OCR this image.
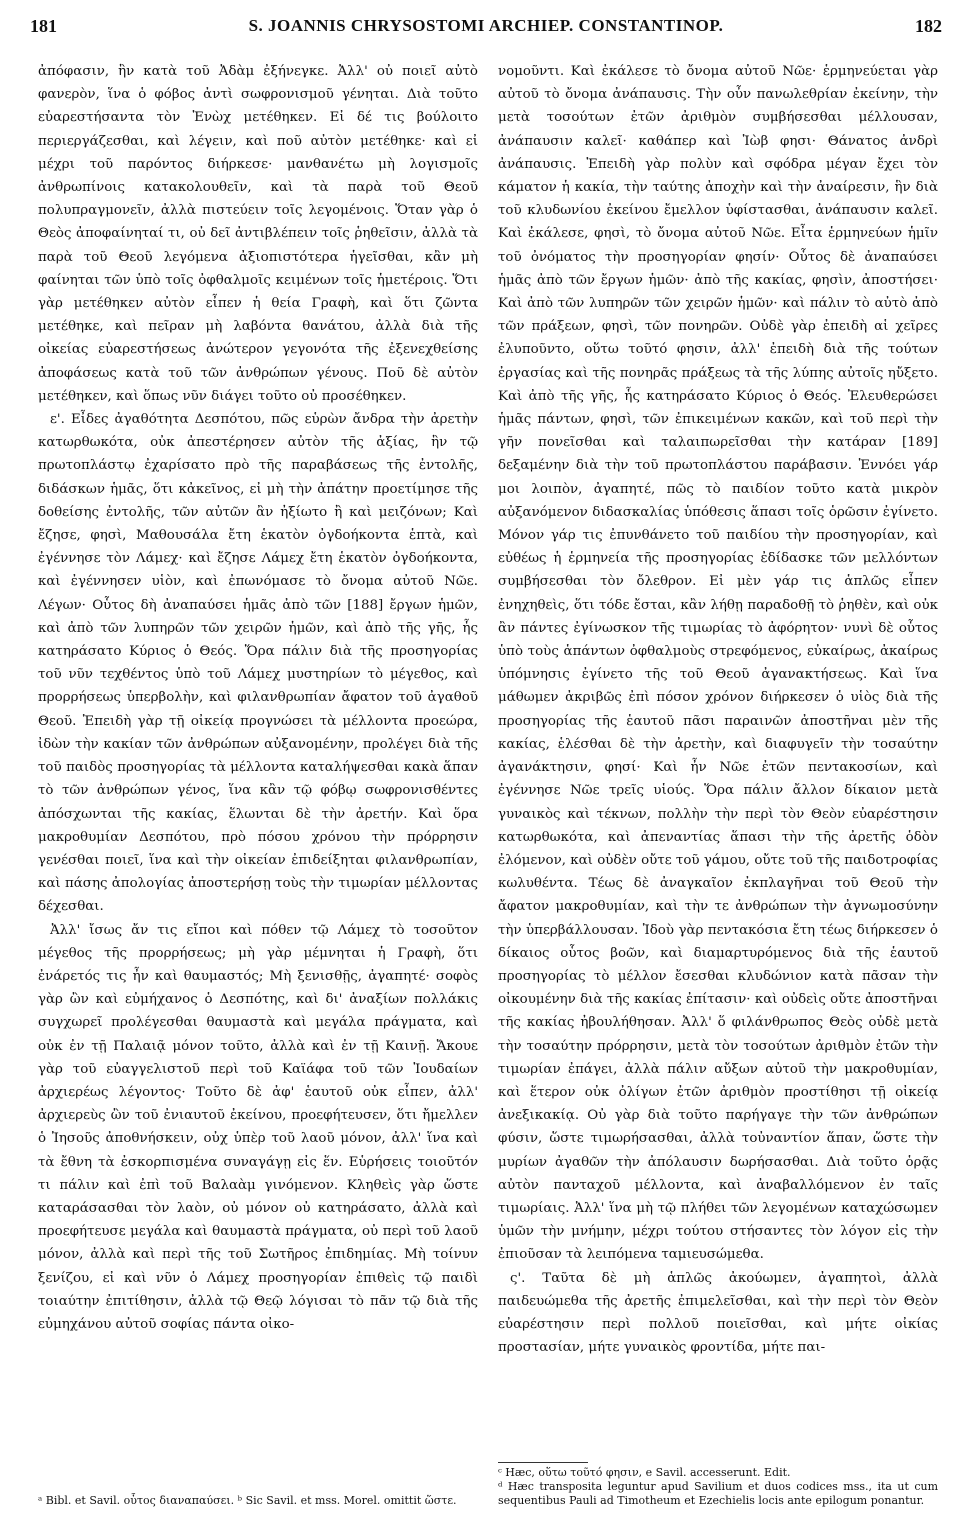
181	S. JOANNIS CHRYSOSTOMI ARCHIEP. CONSTANTINOP.	182

ἀπόφασιν, ἣν κατὰ τοῦ Ἀδὰμ ἐξήνεγκε. Ἀλλ' οὐ ποιεῖ αὐτὸ φανερὸν, ἵνα ὁ φόβος ἀντὶ σωφρονισμοῦ γένηται. Διὰ τοῦτο εὐαρεστήσαντα τὸν Ἐνὼχ μετέθηκεν. Εἰ δέ τις βούλοιτο περιεργάζεσθαι, καὶ λέγειν, καὶ ποῦ αὐτὸν μετέθηκε· καὶ εἰ μέχρι τοῦ παρόντος διήρκεσε· μανθανέτω μὴ λογισμοῖς ἀνθρωπίνοις κατακολουθεῖν, καὶ τὰ παρὰ τοῦ Θεοῦ πολυπραγμονεῖν, ἀλλὰ πιστεύειν τοῖς λεγομένοις. Ὅταν γὰρ ὁ Θεὸς ἀποφαίνηταί τι, οὐ δεῖ ἀντιβλέπειν τοῖς ῥηθεῖσιν, ἀλλὰ τὰ παρὰ τοῦ Θεοῦ λεγόμενα ἀξιοπιστότερα ἡγεῖσθαι, κἂν μὴ φαίνηται τῶν ὑπὸ τοῖς ὀφθαλμοῖς κειμένων τοῖς ἡμετέροις. Ὅτι γὰρ μετέθηκεν αὐτὸν εἶπεν ἡ θεία Γραφὴ, καὶ ὅτι ζῶντα μετέθηκε, καὶ πεῖραν μὴ λαβόντα θανάτου, ἀλλὰ διὰ τῆς οἰκείας εὐαρεστήσεως ἀνώτερον γεγονότα τῆς ἐξενεχθείσης ἀποφάσεως κατὰ τοῦ τῶν ἀνθρώπων γένους. Ποῦ δὲ αὐτὸν μετέθηκεν, καὶ ὅπως νῦν διάγει τοῦτο οὐ προσέθηκεν.

ε'. Εἶδες ἀγαθότητα Δεσπότου, πῶς εὑρὼν ἄνδρα τὴν ἀρετὴν κατωρθωκότα, οὐκ ἀπεστέρησεν αὐτὸν τῆς ἀξίας, ἣν τῷ πρωτοπλάστῳ ἐχαρίσατο πρὸ τῆς παραβάσεως τῆς ἐντολῆς, διδάσκων ἡμᾶς, ὅτι κἀκεῖνος, εἰ μὴ τὴν ἀπάτην προετίμησε τῆς δοθείσης ἐντολῆς, τῶν αὐτῶν ἂν ἠξίωτο ἢ καὶ μειζόνων; Καὶ ἔζησε, φησὶ, Μαθουσάλα ἔτη ἑκατὸν ὀγδοήκοντα ἑπτὰ, καὶ ἐγέννησε τὸν Λάμεχ· καὶ ἔζησε Λάμεχ ἔτη ἑκατὸν ὀγδοήκοντα, καὶ ἐγέννησεν υἱὸν, καὶ ἐπωνόμασε τὸ ὄνομα αὐτοῦ Νῶε. Λέγων· Οὗτος δὴ ἀναπαύσει ἡμᾶς ἀπὸ τῶν [188] ἔργων ἡμῶν, καὶ ἀπὸ τῶν λυπηρῶν τῶν χειρῶν ἡμῶν, καὶ ἀπὸ τῆς γῆς, ἧς κατηράσατο Κύριος ὁ Θεός. Ὅρα πάλιν διὰ τῆς προσηγορίας τοῦ νῦν τεχθέντος ὑπὸ τοῦ Λάμεχ μυστηρίων τὸ μέγεθος, καὶ προρρήσεως ὑπερβολὴν, καὶ φιλανθρωπίαν ἄφατον τοῦ ἀγαθοῦ Θεοῦ. Ἐπειδὴ γὰρ τῇ οἰκείᾳ προγνώσει τὰ μέλλοντα προεώρα, ἰδὼν τὴν κακίαν τῶν ἀνθρώπων αὐξανομένην, προλέγει διὰ τῆς τοῦ παιδὸς προσηγορίας τὰ μέλλοντα καταλήψεσθαι κακὰ ἅπαν τὸ τῶν ἀνθρώπων γένος, ἵνα κἂν τῷ φόβῳ σωφρονισθέντες ἀπόσχωνται τῆς κακίας, ἕλωνται δὲ τὴν ἀρετήν. Καὶ ὅρα μακροθυμίαν Δεσπότου, πρὸ πόσου χρόνου τὴν πρόρρησιν γενέσθαι ποιεῖ, ἵνα καὶ τὴν οἰκείαν ἐπιδείξηται φιλανθρωπίαν, καὶ πάσης ἀπολογίας ἀποστερήσῃ τοὺς τὴν τιμωρίαν μέλλοντας δέχεσθαι.

Ἀλλ' ἴσως ἄν τις εἴποι καὶ πόθεν τῷ Λάμεχ τὸ τοσοῦτον μέγεθος τῆς προρρήσεως; μὴ γὰρ μέμνηται ἡ Γραφὴ, ὅτι ἐνάρετός τις ἦν καὶ θαυμαστός; Μὴ ξενισθῇς, ἀγαπητέ· σοφὸς γὰρ ὢν καὶ εὐμήχανος ὁ Δεσπότης, καὶ δι' ἀναξίων πολλάκις συγχωρεῖ προλέγεσθαι θαυμαστὰ καὶ μεγάλα πράγματα, καὶ οὐκ ἐν τῇ Παλαιᾷ μόνον τοῦτο, ἀλλὰ καὶ ἐν τῇ Καινῇ. Ἄκουε γὰρ τοῦ εὐαγγελιστοῦ περὶ τοῦ Καϊάφα τοῦ τῶν Ἰουδαίων ἀρχιερέως λέγοντος· Τοῦτο δὲ ἀφ' ἑαυτοῦ οὐκ εἶπεν, ἀλλ' ἀρχιερεὺς ὢν τοῦ ἐνιαυτοῦ ἐκείνου, προεφήτευσεν, ὅτι ἤμελλεν ὁ Ἰησοῦς ἀποθνήσκειν, οὐχ ὑπὲρ τοῦ λαοῦ μόνον, ἀλλ' ἵνα καὶ τὰ ἔθνη τὰ ἐσκορπισμένα συναγάγῃ εἰς ἕν. Εὑρήσεις τοιοῦτόν τι πάλιν καὶ ἐπὶ τοῦ Βαλαὰμ γινόμενον. Κληθεὶς γὰρ ὥστε καταράσασθαι τὸν λαὸν, οὐ μόνον οὐ κατηράσατο, ἀλλὰ καὶ προεφήτευσε μεγάλα καὶ θαυμαστὰ πράγματα, οὐ περὶ τοῦ λαοῦ μόνον, ἀλλὰ καὶ περὶ τῆς τοῦ Σωτῆρος ἐπιδημίας. Μὴ τοίνυν ξενίζου, εἰ καὶ νῦν ὁ Λάμεχ προσηγορίαν ἐπιθεὶς τῷ παιδὶ τοιαύτην ἐπιτίθησιν, ἀλλὰ τῷ Θεῷ λόγισαι τὸ πᾶν τῷ διὰ τῆς εὐμηχάνου αὐτοῦ σοφίας πάντα οἰκο-

νομοῦντι. Καὶ ἐκάλεσε τὸ ὄνομα αὐτοῦ Νῶε· ἑρμηνεύεται γὰρ αὐτοῦ τὸ ὄνομα ἀνάπαυσις. Τὴν οὖν πανωλεθρίαν ἐκείνην, τὴν μετὰ τοσούτων ἐτῶν ἀριθμὸν συμβήσεσθαι μέλλουσαν, ἀνάπαυσιν καλεῖ· καθάπερ καὶ Ἰὼβ φησι· Θάνατος ἀνδρὶ ἀνάπαυσις. Ἐπειδὴ γὰρ πολὺν καὶ σφόδρα μέγαν ἔχει τὸν κάματον ἡ κακία, τὴν ταύτης ἀποχὴν καὶ τὴν ἀναίρεσιν, ἣν διὰ τοῦ κλυδωνίου ἐκείνου ἔμελλον ὑφίστασθαι, ἀνάπαυσιν καλεῖ. Καὶ ἐκάλεσε, φησὶ, τὸ ὄνομα αὐτοῦ Νῶε. Εἶτα ἑρμηνεύων ἡμῖν τοῦ ὀνόματος τὴν προσηγορίαν φησίν· Οὗτος δὲ ἀναπαύσει ἡμᾶς ἀπὸ τῶν ἔργων ἡμῶν· ἀπὸ τῆς κακίας, φησὶν, ἀποστήσει· Καὶ ἀπὸ τῶν λυπηρῶν τῶν χειρῶν ἡμῶν· καὶ πάλιν τὸ αὐτὸ ἀπὸ τῶν πράξεων, φησὶ, τῶν πονηρῶν. Οὐδὲ γὰρ ἐπειδὴ αἱ χεῖρες ἐλυποῦντο, οὕτω τοῦτό φησιν, ἀλλ' ἐπειδὴ διὰ τῆς τούτων ἐργασίας καὶ τῆς πονηρᾶς πράξεως τὰ τῆς λύπης αὐτοῖς ηὔξετο. Καὶ ἀπὸ τῆς γῆς, ἧς κατηράσατο Κύριος ὁ Θεός. Ἐλευθερώσει ἡμᾶς πάντων, φησὶ, τῶν ἐπικειμένων κακῶν, καὶ τοῦ περὶ τὴν γῆν πονεῖσθαι καὶ ταλαιπωρεῖσθαι τὴν κατάραν [189] δεξαμένην διὰ τὴν τοῦ πρωτοπλάστου παράβασιν. Ἐννόει γάρ μοι λοιπὸν, ἀγαπητέ, πῶς τὸ παιδίον τοῦτο κατὰ μικρὸν αὐξανόμενον διδασκαλίας ὑπόθεσις ἅπασι τοῖς ὁρῶσιν ἐγίνετο. Μόνον γάρ τις ἐπυνθάνετο τοῦ παιδίου τὴν προσηγορίαν, καὶ εὐθέως ἡ ἑρμηνεία τῆς προσηγορίας ἐδίδασκε τῶν μελλόντων συμβήσεσθαι τὸν ὄλεθρον. Εἰ μὲν γάρ τις ἁπλῶς εἶπεν ἐνηχηθεὶς, ὅτι τόδε ἔσται, κἂν λήθῃ παραδοθῇ τὸ ῥηθὲν, καὶ οὐκ ἂν πάντες ἐγίνωσκον τῆς τιμωρίας τὸ ἀφόρητον· νυνὶ δὲ οὗτος ὑπὸ τοὺς ἁπάντων ὀφθαλμοὺς στρεφόμενος, εὐκαίρως, ἀκαίρως ὑπόμνησις ἐγίνετο τῆς τοῦ Θεοῦ ἀγανακτήσεως. Καὶ ἵνα μάθωμεν ἀκριβῶς ἐπὶ πόσον χρόνον διήρκεσεν ὁ υἱὸς διὰ τῆς προσηγορίας τῆς ἑαυτοῦ πᾶσι παραινῶν ἀποστῆναι μὲν τῆς κακίας, ἑλέσθαι δὲ τὴν ἀρετὴν, καὶ διαφυγεῖν τὴν τοσαύτην ἀγανάκτησιν, φησί· Καὶ ἦν Νῶε ἐτῶν πεντακοσίων, καὶ ἐγέννησε Νῶε τρεῖς υἱούς. Ὅρα πάλιν ἄλλον δίκαιον μετὰ γυναικὸς καὶ τέκνων, πολλὴν τὴν περὶ τὸν Θεὸν εὐαρέστησιν κατωρθωκότα, καὶ ἀπεναντίας ἅπασι τὴν τῆς ἀρετῆς ὁδὸν ἐλόμενον, καὶ οὐδὲν οὔτε τοῦ γάμου, οὔτε τοῦ τῆς παιδοτροφίας κωλυθέντα. Τέως δὲ ἀναγκαῖον ἐκπλαγῆναι τοῦ Θεοῦ τὴν ἄφατον μακροθυμίαν, καὶ τὴν τε ἀνθρώπων τὴν ἀγνωμοσύνην τὴν ὑπερβάλλουσαν. Ἰδοὺ γὰρ πεντακόσια ἔτη τέως διήρκεσεν ὁ δίκαιος οὗτος βοῶν, καὶ διαμαρτυρόμενος διὰ τῆς ἑαυτοῦ προσηγορίας τὸ μέλλον ἔσεσθαι κλυδώνιον κατὰ πᾶσαν τὴν οἰκουμένην διὰ τῆς κακίας ἐπίτασιν· καὶ οὐδεὶς οὔτε ἀποστῆναι τῆς κακίας ἠβουλήθησαν. Ἀλλ' ὅ φιλάνθρωπος Θεὸς οὐδὲ μετὰ τὴν τοσαύτην πρόρρησιν, μετὰ τὸν τοσούτων ἀριθμὸν ἐτῶν τὴν τιμωρίαν ἐπάγει, ἀλλὰ πάλιν αὔξων αὐτοῦ τὴν μακροθυμίαν, καὶ ἕτερον οὐκ ὀλίγων ἐτῶν ἀριθμὸν προστίθησι τῇ οἰκείᾳ ἀνεξικακίᾳ. Οὐ γὰρ διὰ τοῦτο παρήγαγε τὴν τῶν ἀνθρώπων φύσιν, ὥστε τιμωρήσασθαι, ἀλλὰ τοὐναντίον ἅπαν, ὥστε τὴν μυρίων ἀγαθῶν τὴν ἀπόλαυσιν δωρήσασθαι. Διὰ τοῦτο ὁρᾷς αὐτὸν πανταχοῦ μέλλοντα, καὶ ἀναβαλλόμενον ἐν ταῖς τιμωρίαις. Ἀλλ' ἵνα μὴ τῷ πλήθει τῶν λεγομένων καταχώσωμεν ὑμῶν τὴν μνήμην, μέχρι τούτου στήσαντες τὸν λόγον εἰς τὴν ἐπιοῦσαν τὰ λειπόμενα ταμιευσώμεθα.

ς'. Ταῦτα δὲ μὴ ἁπλῶς ἀκούωμεν, ἀγαπητοὶ, ἀλλὰ παιδευώμεθα τῆς ἀρετῆς ἐπιμελεῖσθαι, καὶ τὴν περὶ τὸν Θεὸν εὐαρέστησιν περὶ πολλοῦ ποιεῖσθαι, καὶ μήτε οἰκίας προστασίαν, μήτε γυναικὸς φροντίδα, μήτε παι-

ᵃ Bibl. et Savil. οὗτος διαναπαύσει. ᵇ Sic Savil. et mss. Morel. omittit ὥστε.

ᶜ Hæc, οὕτω τοῦτό φησιν, e Savil. accesserunt. Edit.

ᵈ Hæc transposita leguntur apud Savilium et duos codices mss., ita ut cum sequentibus Pauli ad Timotheum et Ezechielis locis ante epilogum ponantur.
